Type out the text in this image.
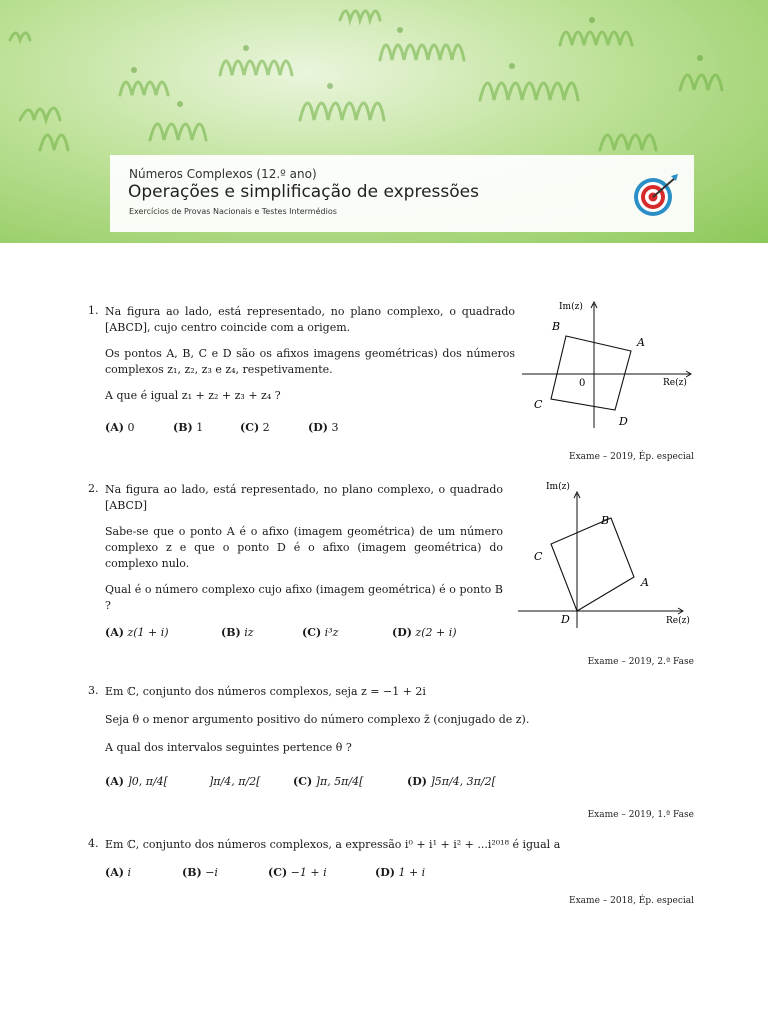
Números Complexos (12.º ano)
Operações e simplificação de expressões
Exercícios de Provas Nacionais e Testes Intermédios
1. Na figura ao lado, está representado, no plano complexo, o quadrado [ABCD], cujo centro coincide com a origem.

Os pontos A, B, C e D são os afixos imagens geométricas) dos números complexos z₁, z₂, z₃ e z₄, respetivamente.

A que é igual z₁ + z₂ + z₃ + z₄ ?

(A) 0	(B) 1	(C) 2	(D) 3
Im(z)
Re(z)
0
A
B
C
D
Exame – 2019, Ép. especial
2. Na figura ao lado, está representado, no plano complexo, o quadrado [ABCD]

Sabe-se que o ponto A é o afixo (imagem geométrica) de um número complexo z e que o ponto D é o afixo (imagem geométrica) do complexo nulo.

Qual é o número complexo cujo afixo (imagem geométrica) é o ponto B ?

(A) z(1 + i)	(B) iz	(C) i³z	(D) z(2 + i)
Im(z)
Re(z)
A
B
C
D
Exame – 2019, 2.ª Fase
3. Em ℂ, conjunto dos números complexos, seja z = −1 + 2i

Seja θ o menor argumento positivo do número complexo z̄ (conjugado de z).

A qual dos intervalos seguintes pertence θ ?

(A) ]0, π/4[	]π/4, π/2[	(C) ]π, 5π/4[	(D) ]5π/4, 3π/2[
Exame – 2019, 1.ª Fase
4. Em ℂ, conjunto dos números complexos, a expressão i⁰ + i¹ + i² + ...i²⁰¹⁸ é igual a

(A) i	(B) −i	(C) −1 + i	(D) 1 + i
Exame – 2018, Ép. especial
